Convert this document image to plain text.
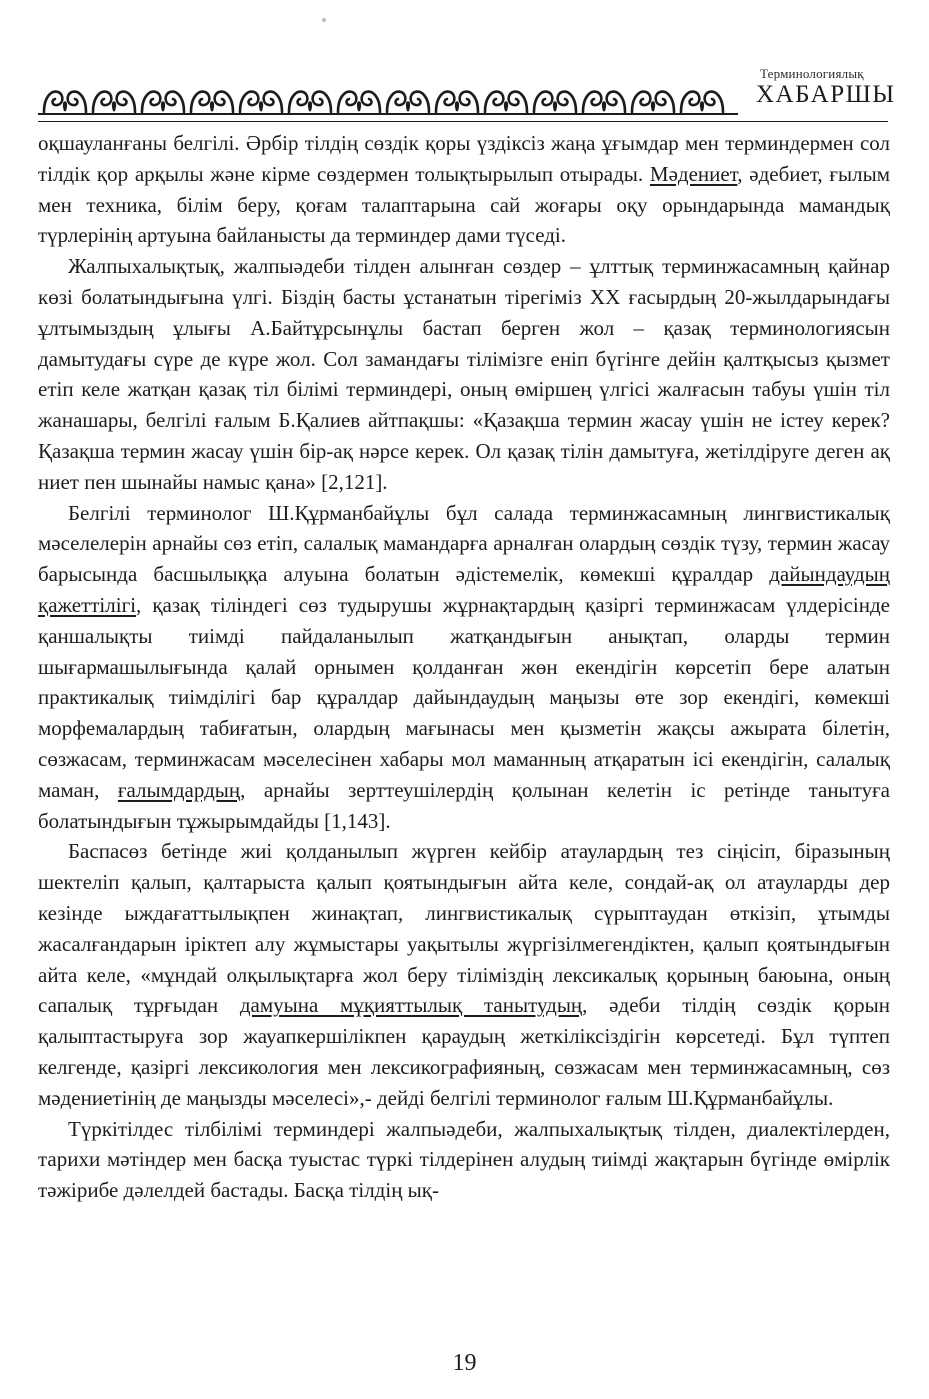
Терминологиялық
ХАБАРШЫ

оқшауланғаны белгілі. Әрбір тілдің сөздік қоры үздіксіз жаңа ұғымдар мен терминдермен сол тілдік қор арқылы және кірме сөздермен толықтырылып отырады. Мәдениет, әдебиет, ғылым мен техника, білім беру, қоғам талаптарына сай жоғары оқу орындарында мамандық түрлерінің артуына байланысты да терминдер дами түседі.

Жалпыхалықтық, жалпыәдеби тілден алынған сөздер – ұлттық терминжасамның қайнар көзі болатындығына үлгі. Біздің басты ұстанатын тірегіміз XX ғасырдың 20-жылдарындағы ұлтымыздың ұлығы А.Байтұрсынұлы бастап берген жол – қазақ терминологиясын дамытудағы сүре де күре жол. Сол замандағы тілімізге еніп бүгінге дейін қалтқысыз қызмет етіп келе жатқан қазақ тіл білімі терминдері, оның өміршең үлгісі жалғасын табуы үшін тіл жанашары, белгілі ғалым Б.Қалиев айтпақшы: «Қазақша термин жасау үшін не істеу керек? Қазақша термин жасау үшін бір-ақ нәрсе керек. Ол қазақ тілін дамытуға, жетілдіруге деген ақ ниет пен шынайы намыс қана» [2,121].

Белгілі терминолог Ш.Құрманбайұлы бұл салада терминжасамның лингвистикалық мәселелерін арнайы сөз етіп, салалық мамандарға арналған олардың сөздік түзу, термин жасау барысында басшылыққа алуына болатын әдістемелік, көмекші құралдар дайындаудың қажеттілігі, қазақ тіліндегі сөз тудырушы жұрнақтардың қазіргі терминжасам үлдерісінде қаншалықты тиімді пайдаланылып жатқандығын анықтап, оларды термин шығармашылығында қалай орнымен қолданған жөн екендігін көрсетіп бере алатын практикалық тиімділігі бар құралдар дайындаудың маңызы өте зор екендігі, көмекші морфемалардың табиғатын, олардың мағынасы мен қызметін жақсы ажырата білетін, сөзжасам, терминжасам мәселесінен хабары мол маманның атқаратын ісі екендігін, салалық маман, ғалымдардың, арнайы зерттеушілердің қолынан келетін іс ретінде танытуға болатындығын тұжырымдайды [1,143].

Баспасөз бетінде жиі қолданылып жүрген кейбір атаулардың тез сіңісіп, біразының шектеліп қалып, қалтарыста қалып қоятындығын айта келе, сондай-ақ ол атауларды дер кезінде ыждағаттылықпен жинақтап, лингвистикалық сүрыптаудан өткізіп, ұтымды жасалғандарын іріктеп алу жұмыстары уақытылы жүргізілмегендіктен, қалып қоятындығын айта келе, «мұндай олқылықтарға жол беру тіліміздің лексикалық қорының баюына, оның сапалық тұрғыдан дамуына мұқияттылық танытудың, әдеби тілдің сөздік қорын қалыптастыруға зор жауапкершілікпен қараудың жеткіліксіздігін көрсетеді. Бұл түптеп келгенде, қазіргі лексикология мен лексикографияның, сөзжасам мен терминжасамның, сөз мәдениетінің де маңызды мәселесі»,- дейді белгілі терминолог ғалым Ш.Құрманбайұлы.

Түркітілдес тілбілімі терминдері жалпыәдеби, жалпыхалықтық тілден, диалектілерден, тарихи мәтіндер мен басқа туыстас түркі тілдерінен алудың тиімді жақтарын бүгінде өмірлік тәжірибе дәлелдей бастады. Басқа тілдің ық-

19
